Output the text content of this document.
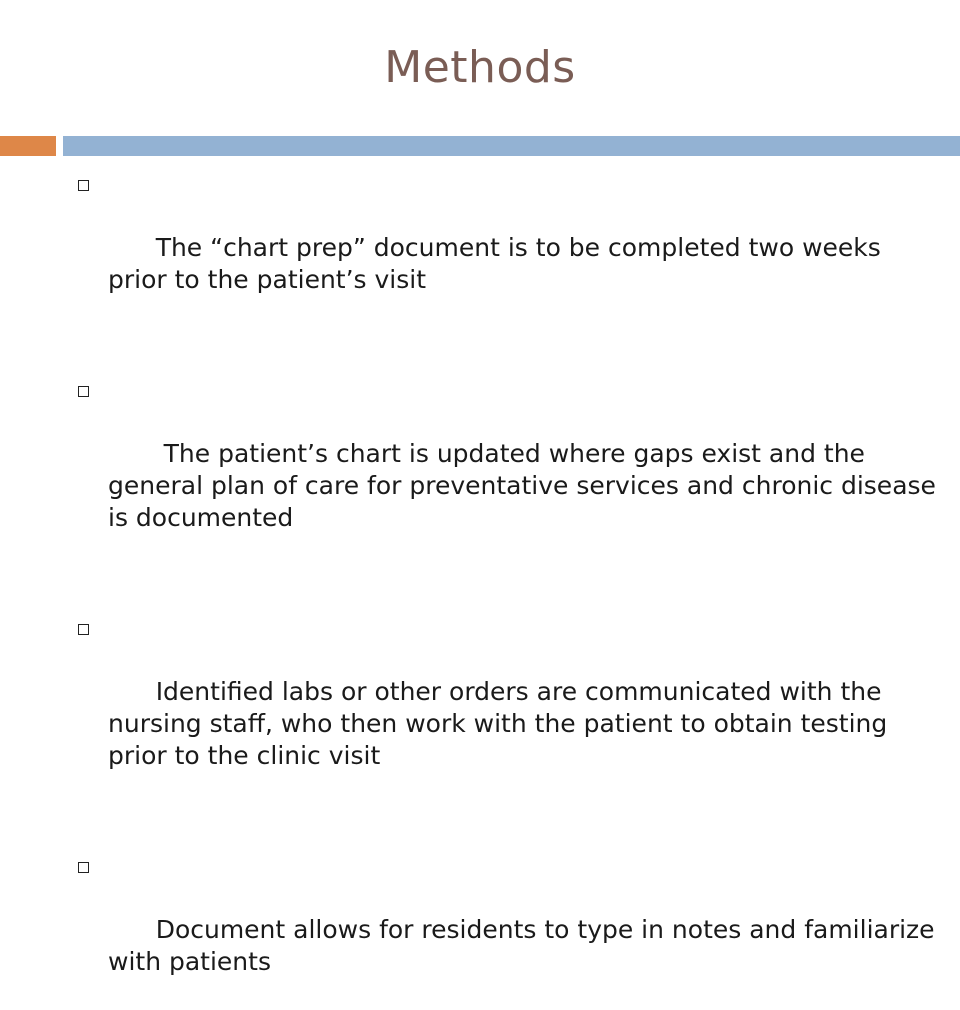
Methods

The “chart prep” document is to be completed two weeks prior to the patient’s visit

The patient’s chart is updated where gaps exist and the general plan of care for preventative services and chronic disease is documented

Identified labs or other orders are communicated with the nursing staff, who then work with the patient to obtain testing prior to the clinic visit

Document allows for residents to type in notes and familiarize with patients
